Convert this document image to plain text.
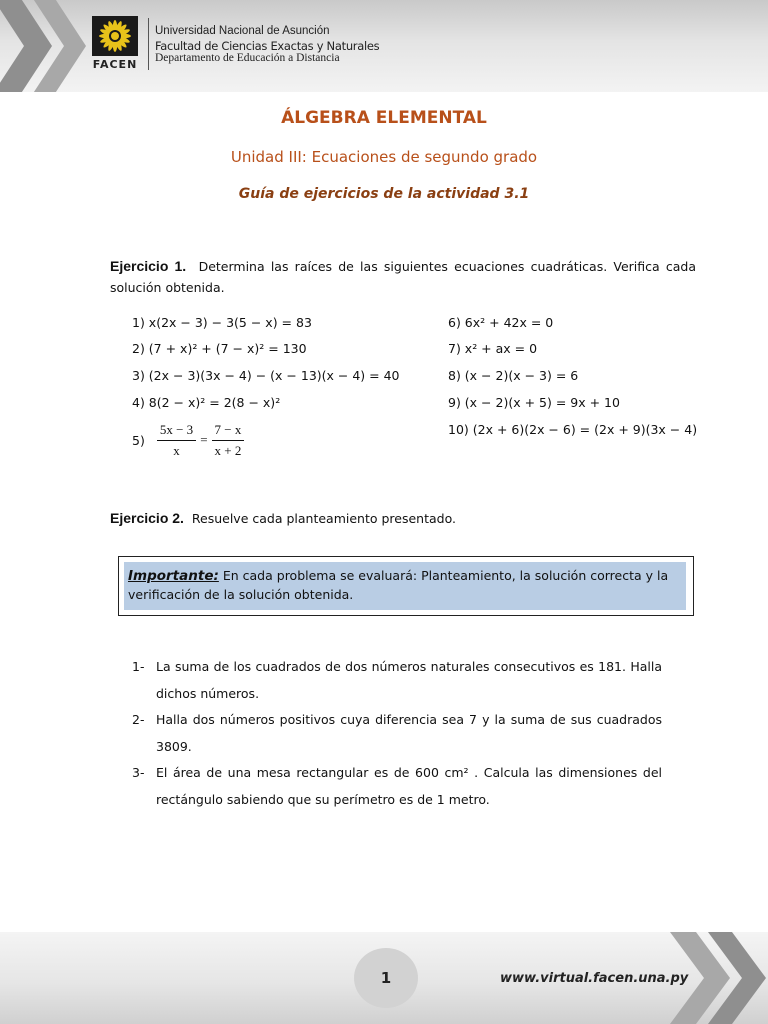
FACEN
Universidad Nacional de Asunción
Facultad de Ciencias Exactas y Naturales
Departamento de Educación a Distancia
ÁLGEBRA ELEMENTAL
Unidad III: Ecuaciones de segundo grado
Guía de ejercicios de la actividad 3.1
Ejercicio 1. Determina las raíces de las siguientes ecuaciones cuadráticas. Verifica cada solución obtenida.
1) x(2x − 3) − 3(5 − x) = 83
2) (7 + x)² + (7 − x)² = 130
3) (2x − 3)(3x − 4) − (x − 13)(x − 4) = 40
4) 8(2 − x)² = 2(8 − x)²
$5) \frac{5x - 3}{x} = \frac{7 - x}{x + 2}$
6) 6x² + 42x = 0
7) x² + ax = 0
8) (x − 2)(x − 3) = 6
9) (x − 2)(x + 5) = 9x + 10
10) (2x + 6)(2x − 6) = (2x + 9)(3x − 4)
Ejercicio 2. Resuelve cada planteamiento presentado.
Importante: En cada problema se evaluará: Planteamiento, la solución correcta y la verificación de la solución obtenida.
1- La suma de los cuadrados de dos números naturales consecutivos es 181. Halla dichos números.
2- Halla dos números positivos cuya diferencia sea 7 y la suma de sus cuadrados 3809.
3- El área de una mesa rectangular es de 600 cm² . Calcula las dimensiones del rectángulo sabiendo que su perímetro es de 1 metro.
1	www.virtual.facen.una.py
